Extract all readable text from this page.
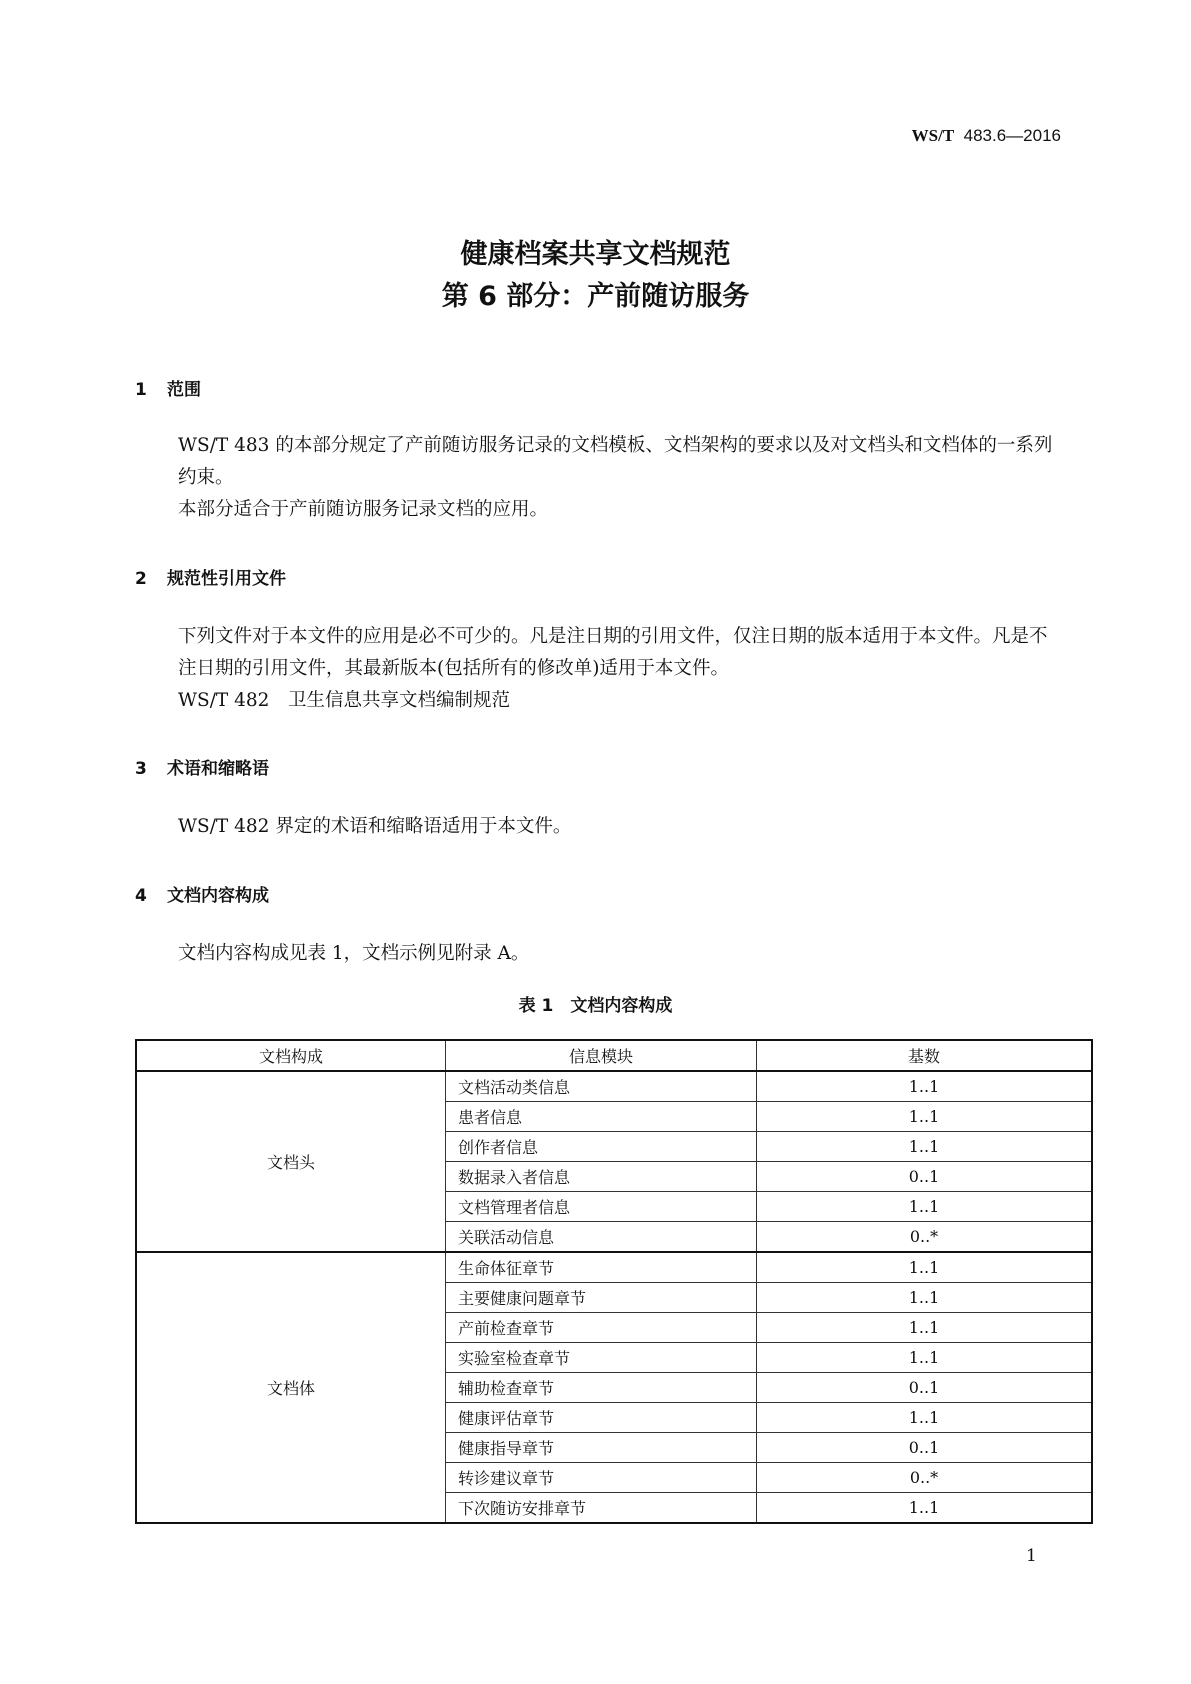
WS/T 483.6—2016
健康档案共享文档规范
第 6 部分：产前随访服务
1 范围
WS/T 483 的本部分规定了产前随访服务记录的文档模板、文档架构的要求以及对文档头和文档体的一系列约束。
本部分适合于产前随访服务记录文档的应用。
2 规范性引用文件
下列文件对于本文件的应用是必不可少的。凡是注日期的引用文件，仅注日期的版本适用于本文件。凡是不注日期的引用文件，其最新版本(包括所有的修改单)适用于本文件。
WS/T 482　卫生信息共享文档编制规范
3 术语和缩略语
WS/T 482 界定的术语和缩略语适用于本文件。
4 文档内容构成
文档内容构成见表 1，文档示例见附录 A。
表 1　文档内容构成
文档构成	信息模块	基数
文档头	文档活动类信息	1..1
	患者信息	1..1
	创作者信息	1..1
	数据录入者信息	0..1
	文档管理者信息	1..1
	关联活动信息	0..*
文档体	生命体征章节	1..1
	主要健康问题章节	1..1
	产前检查章节	1..1
	实验室检查章节	1..1
	辅助检查章节	0..1
	健康评估章节	1..1
	健康指导章节	0..1
	转诊建议章节	0..*
	下次随访安排章节	1..1
1
